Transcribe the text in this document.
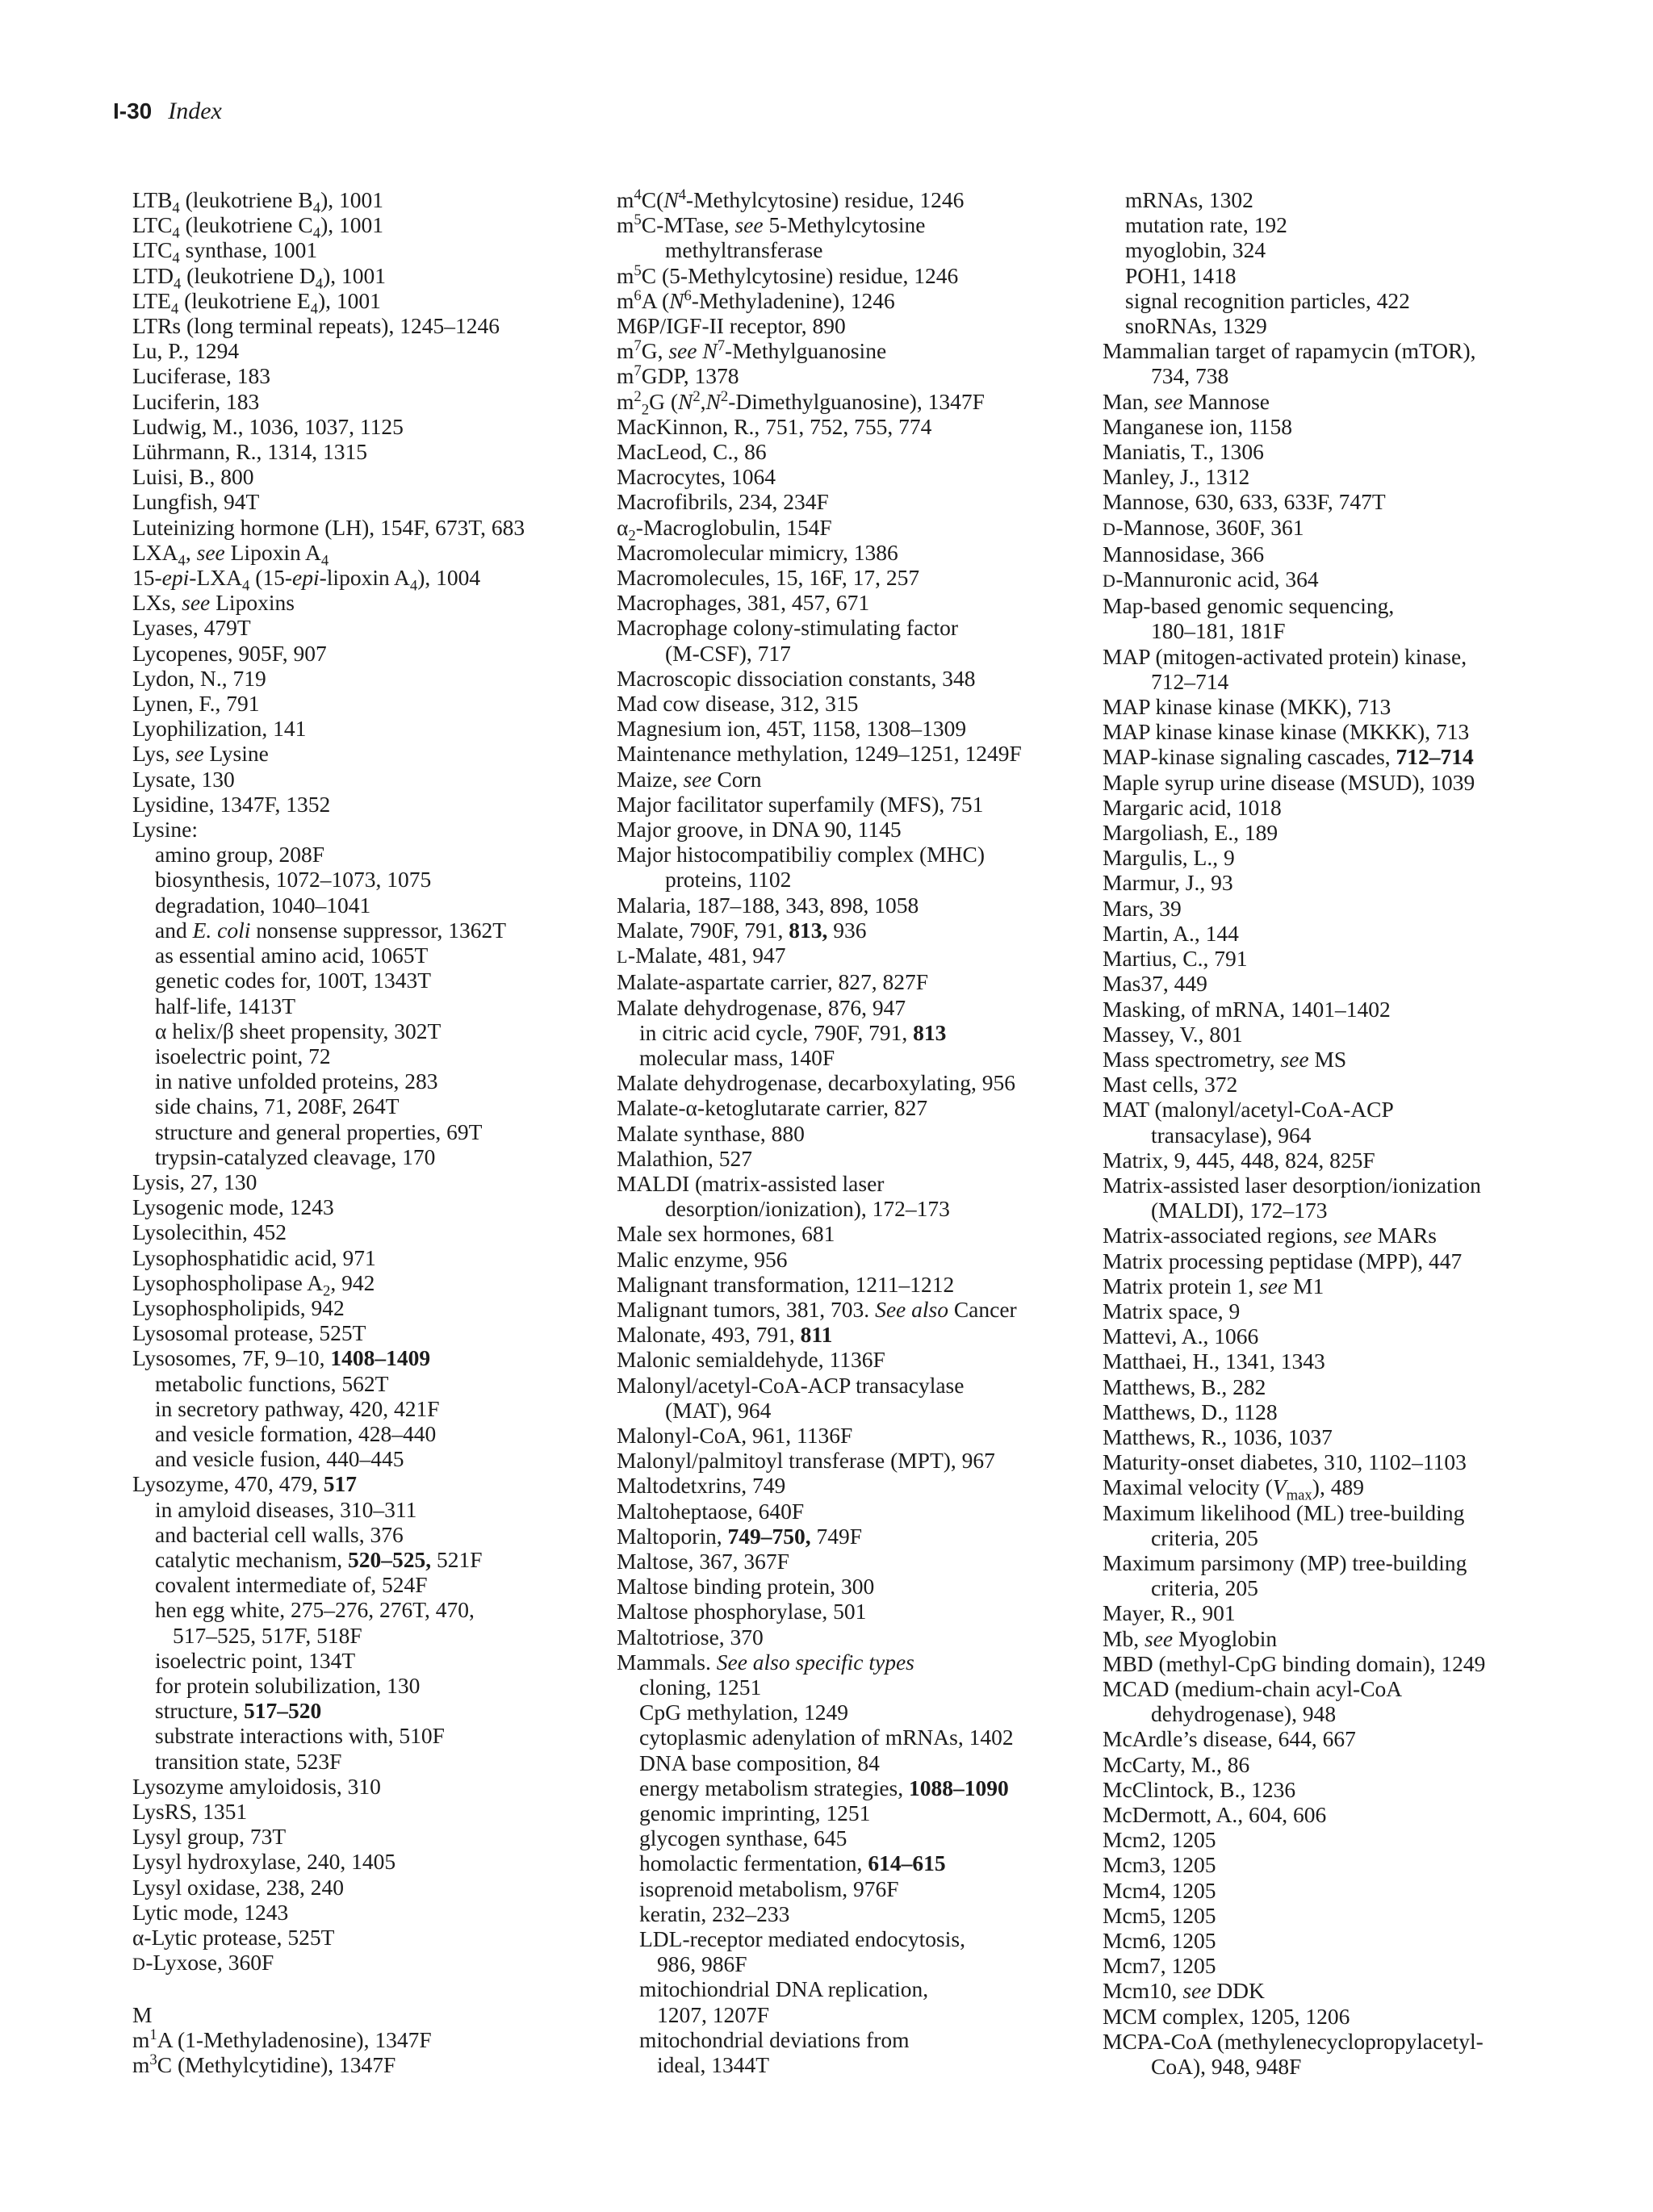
I-30 Index
$LTB_4$ (leukotriene $B_4$), 1001
$LTC_4$ (leukotriene $C_4$), 1001
$LTC_4$ synthase, 1001
$LTD_4$ (leukotriene $D_4$), 1001
$LTE_4$ (leukotriene $E_4$), 1001
LTRs (long terminal repeats), 1245–1246
Lu, P., 1294
Luciferase, 183
Luciferin, 183
Ludwig, M., 1036, 1037, 1125
Lührmann, R., 1314, 1315
Luisi, B., 800
Lungfish, 94T
Luteinizing hormone (LH), 154F, 673T, 683
$LXA_4$, see Lipoxin $A_4$
$15-epi-LXA_4$ (15-epi-lipoxin $A_4$), 1004
LXs, see Lipoxins
Lyases, 479T
Lycopenes, 905F, 907
Lydon, N., 719
Lynen, F., 791
Lyophilization, 141
Lys, see Lysine
Lysate, 130
Lysidine, 1347F, 1352
Lysine:
amino group, 208F
biosynthesis, 1072–1073, 1075
degradation, 1040–1041
and E. coli nonsense suppressor, 1362T
as essential amino acid, 1065T
genetic codes for, 100T, 1343T
half-life, 1413T
α helix/β sheet propensity, 302T
isoelectric point, 72
in native unfolded proteins, 283
side chains, 71, 208F, 264T
structure and general properties, 69T
trypsin-catalyzed cleavage, 170
Lysis, 27, 130
Lysogenic mode, 1243
Lysolecithin, 452
Lysophosphatidic acid, 971
Lysophospholipase $A_2$, 942
Lysophospholipids, 942
Lysosomal protease, 525T
Lysosomes, 7F, 9–10, 1408–1409
metabolic functions, 562T
in secretory pathway, 420, 421F
and vesicle formation, 428–440
and vesicle fusion, 440–445
Lysozyme, 470, 479, 517
in amyloid diseases, 310–311
and bacterial cell walls, 376
catalytic mechanism, 520–525, 521F
covalent intermediate of, 524F
hen egg white, 275–276, 276T, 470,
517–525, 517F, 518F
isoelectric point, 134T
for protein solubilization, 130
structure, 517–520
substrate interactions with, 510F
transition state, 523F
Lysozyme amyloidosis, 310
LysRS, 1351
Lysyl group, 73T
Lysyl hydroxylase, 240, 1405
Lysyl oxidase, 238, 240
Lytic mode, 1243
α-Lytic protease, 525T
D-Lyxose, 360F
M
$m^1A$ (1-Methyladenosine), 1347F
$m^3C$ (Methylcytidine), 1347F
$m^4C(N^4-Methylcytosine)$ residue, 1246
$m^5C$-MTase, see 5-Methylcytosine
methyltransferase
$m^5C$ (5-Methylcytosine) residue, 1246
$m^6A$ $(N^6-Methyladenine)$, 1246
M6P/IGF-II receptor, 890
$m^7G$, see $N^7$-Methylguanosine
$m^7GDP$, 1378
$m^2_2G$ $(N^2,N^2-Dimethylguanosine)$, 1347F
MacKinnon, R., 751, 752, 755, 774
MacLeod, C., 86
Macrocytes, 1064
Macrofibrils, 234, 234F
$\alpha_2$-Macroglobulin, 154F
Macromolecular mimicry, 1386
Macromolecules, 15, 16F, 17, 257
Macrophages, 381, 457, 671
Macrophage colony-stimulating factor
(M-CSF), 717
Macroscopic dissociation constants, 348
Mad cow disease, 312, 315
Magnesium ion, 45T, 1158, 1308–1309
Maintenance methylation, 1249–1251, 1249F
Maize, see Corn
Major facilitator superfamily (MFS), 751
Major groove, in DNA 90, 1145
Major histocompatibiliy complex (MHC)
proteins, 1102
Malaria, 187–188, 343, 898, 1058
Malate, 790F, 791, 813, 936
L-Malate, 481, 947
Malate-aspartate carrier, 827, 827F
Malate dehydrogenase, 876, 947
in citric acid cycle, 790F, 791, 813
molecular mass, 140F
Malate dehydrogenase, decarboxylating, 956
Malate-α-ketoglutarate carrier, 827
Malate synthase, 880
Malathion, 527
MALDI (matrix-assisted laser
desorption/ionization), 172–173
Male sex hormones, 681
Malic enzyme, 956
Malignant transformation, 1211–1212
Malignant tumors, 381, 703. See also Cancer
Malonate, 493, 791, 811
Malonic semialdehyde, 1136F
Malonyl/acetyl-CoA-ACP transacylase
(MAT), 964
Malonyl-CoA, 961, 1136F
Malonyl/palmitoyl transferase (MPT), 967
Maltodetxrins, 749
Maltoheptaose, 640F
Maltoporin, 749–750, 749F
Maltose, 367, 367F
Maltose binding protein, 300
Maltose phosphorylase, 501
Maltotriose, 370
Mammals. See also specific types
cloning, 1251
CpG methylation, 1249
cytoplasmic adenylation of mRNAs, 1402
DNA base composition, 84
energy metabolism strategies, 1088–1090
genomic imprinting, 1251
glycogen synthase, 645
homolactic fermentation, 614–615
isoprenoid metabolism, 976F
keratin, 232–233
LDL-receptor mediated endocytosis,
986, 986F
mitochiondrial DNA replication,
1207, 1207F
mitochondrial deviations from
ideal, 1344T
mRNAs, 1302
mutation rate, 192
myoglobin, 324
POH1, 1418
signal recognition particles, 422
snoRNAs, 1329
Mammalian target of rapamycin (mTOR),
734, 738
Man, see Mannose
Manganese ion, 1158
Maniatis, T., 1306
Manley, J., 1312
Mannose, 630, 633, 633F, 747T
D-Mannose, 360F, 361
Mannosidase, 366
D-Mannuronic acid, 364
Map-based genomic sequencing,
180–181, 181F
MAP (mitogen-activated protein) kinase,
712–714
MAP kinase kinase (MKK), 713
MAP kinase kinase kinase (MKKK), 713
MAP-kinase signaling cascades, 712–714
Maple syrup urine disease (MSUD), 1039
Margaric acid, 1018
Margoliash, E., 189
Margulis, L., 9
Marmur, J., 93
Mars, 39
Martin, A., 144
Martius, C., 791
Mas37, 449
Masking, of mRNA, 1401–1402
Massey, V., 801
Mass spectrometry, see MS
Mast cells, 372
MAT (malonyl/acetyl-CoA-ACP
transacylase), 964
Matrix, 9, 445, 448, 824, 825F
Matrix-assisted laser desorption/ionization
(MALDI), 172–173
Matrix-associated regions, see MARs
Matrix processing peptidase (MPP), 447
Matrix protein 1, see M1
Matrix space, 9
Mattevi, A., 1066
Matthaei, H., 1341, 1343
Matthews, B., 282
Matthews, D., 1128
Matthews, R., 1036, 1037
Maturity-onset diabetes, 310, 1102–1103
Maximal velocity $(V_{max})$, 489
Maximum likelihood (ML) tree-building
criteria, 205
Maximum parsimony (MP) tree-building
criteria, 205
Mayer, R., 901
Mb, see Myoglobin
MBD (methyl-CpG binding domain), 1249
MCAD (medium-chain acyl-CoA
dehydrogenase), 948
McArdle’s disease, 644, 667
McCarty, M., 86
McClintock, B., 1236
McDermott, A., 604, 606
Mcm2, 1205
Mcm3, 1205
Mcm4, 1205
Mcm5, 1205
Mcm6, 1205
Mcm7, 1205
Mcm10, see DDK
MCM complex, 1205, 1206
MCPA-CoA (methylenecyclopropylacetyl-
CoA), 948, 948F
